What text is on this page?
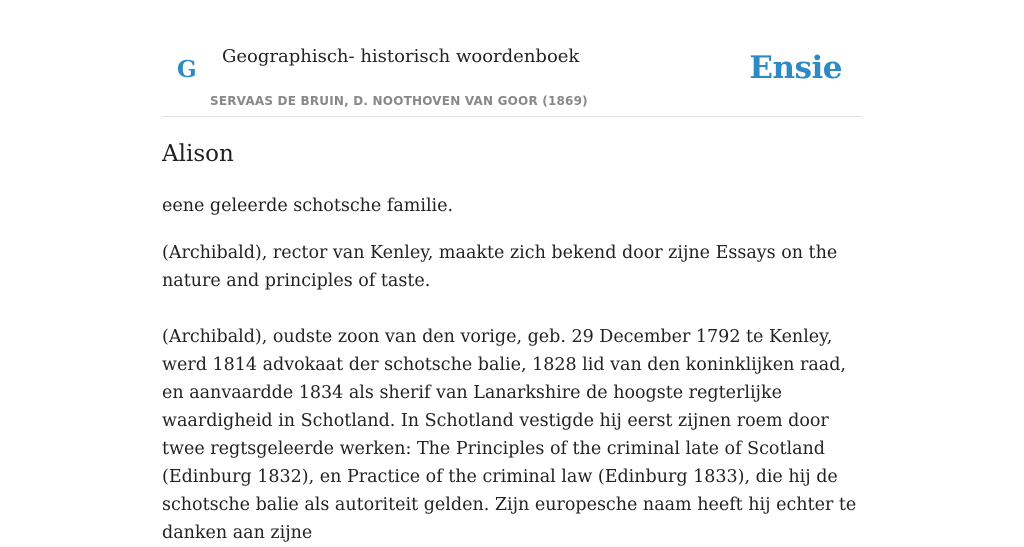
G Geographisch- historisch woordenboek
SERVAAS DE BRUIN, D. NOOTHOVEN VAN GOOR (1869)
Ensie
Alison

eene geleerde schotsche familie.

(Archibald), rector van Kenley, maakte zich bekend door zijne Essays on the nature and principles of taste.

(Archibald), oudste zoon van den vorige, geb. 29 December 1792 te Kenley, werd 1814 advokaat der schotsche balie, 1828 lid van den koninklijken raad, en aanvaardde 1834 als sherif van Lanarkshire de hoogste regterlijke waardigheid in Schotland. In Schotland vestigde hij eerst zijnen roem door twee regtsgeleerde werken: The Principles of the criminal late of Scotland (Edinburg 1832), en Practice of the criminal law (Edinburg 1833), die hij de schotsche balie als autoriteit gelden. Zijn europesche naam heeft hij echter te danken aan zijne
